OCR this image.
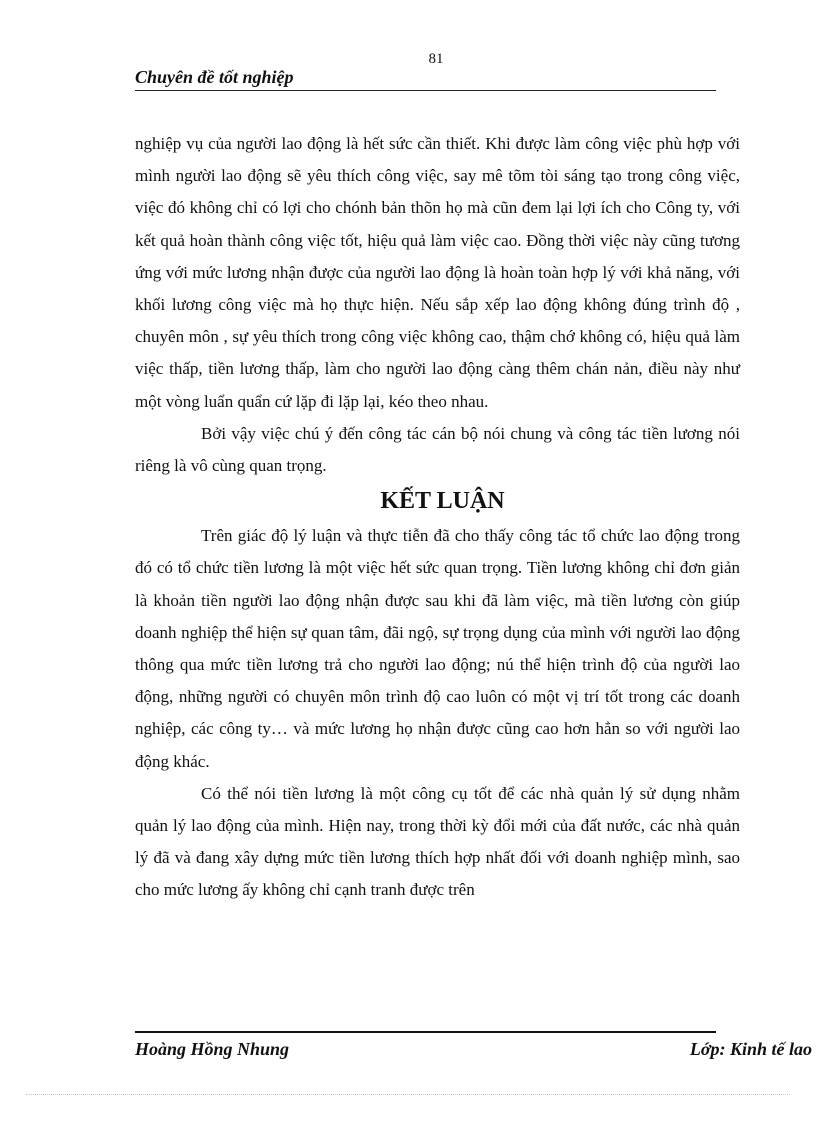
81
Chuyên đề tốt nghiệp

nghiệp vụ của người lao động là hết sức cần thiết. Khi được làm công việc phù hợp với mình người lao động sẽ yêu thích công việc, say mê tõm tòi sáng tạo trong công việc, việc đó không chỉ có lợi cho chónh bản thõn họ mà cũn đem lại lợi ích cho Công ty, với kết quả hoàn thành công việc tốt, hiệu quả làm việc cao. Đồng thời việc này cũng tương ứng với mức lương nhận được của người lao động là hoàn toàn hợp lý với khả năng, với khối lương công việc mà họ thực hiện. Nếu sắp xếp lao động không đúng trình độ , chuyên môn , sự yêu thích trong công việc không cao, thậm chớ không có, hiệu quả làm việc thấp, tiền lương thấp, làm cho người lao động càng thêm chán nản, điều này như một vòng luẩn quẩn cứ lặp đi lặp lại, kéo theo nhau.

Bởi vậy việc chú ý đến công tác cán bộ nói chung và công tác tiền lương nói riêng là vô cùng quan trọng.

KẾT LUẬN

Trên giác độ lý luận và thực tiễn đã cho thấy công tác tổ chức lao động trong đó có tổ chức tiền lương là một việc hết sức quan trọng. Tiền lương không chỉ đơn giản là khoản tiền người lao động nhận được sau khi đã làm việc, mà tiền lương còn giúp doanh nghiệp thể hiện sự quan tâm, đãi ngộ, sự trọng dụng của mình với người lao động thông qua mức tiền lương trả cho người lao động; nú thể hiện trình độ của người lao động, những người có chuyên môn trình độ cao luôn có một vị trí tốt trong các doanh nghiệp, các công ty… và mức lương họ nhận được cũng cao hơn hẳn so với người lao động khác.

Có thể nói tiền lương là một công cụ tốt để các nhà quản lý sử dụng nhằm quản lý lao động của mình. Hiện nay, trong thời kỳ đổi mới của đất nước, các nhà quản lý đã và đang xây dựng mức tiền lương thích hợp nhất đối với doanh nghiệp mình, sao cho mức lương ấy không chỉ cạnh tranh được trên

Hoàng Hồng Nhung	Lớp: Kinh tế lao
